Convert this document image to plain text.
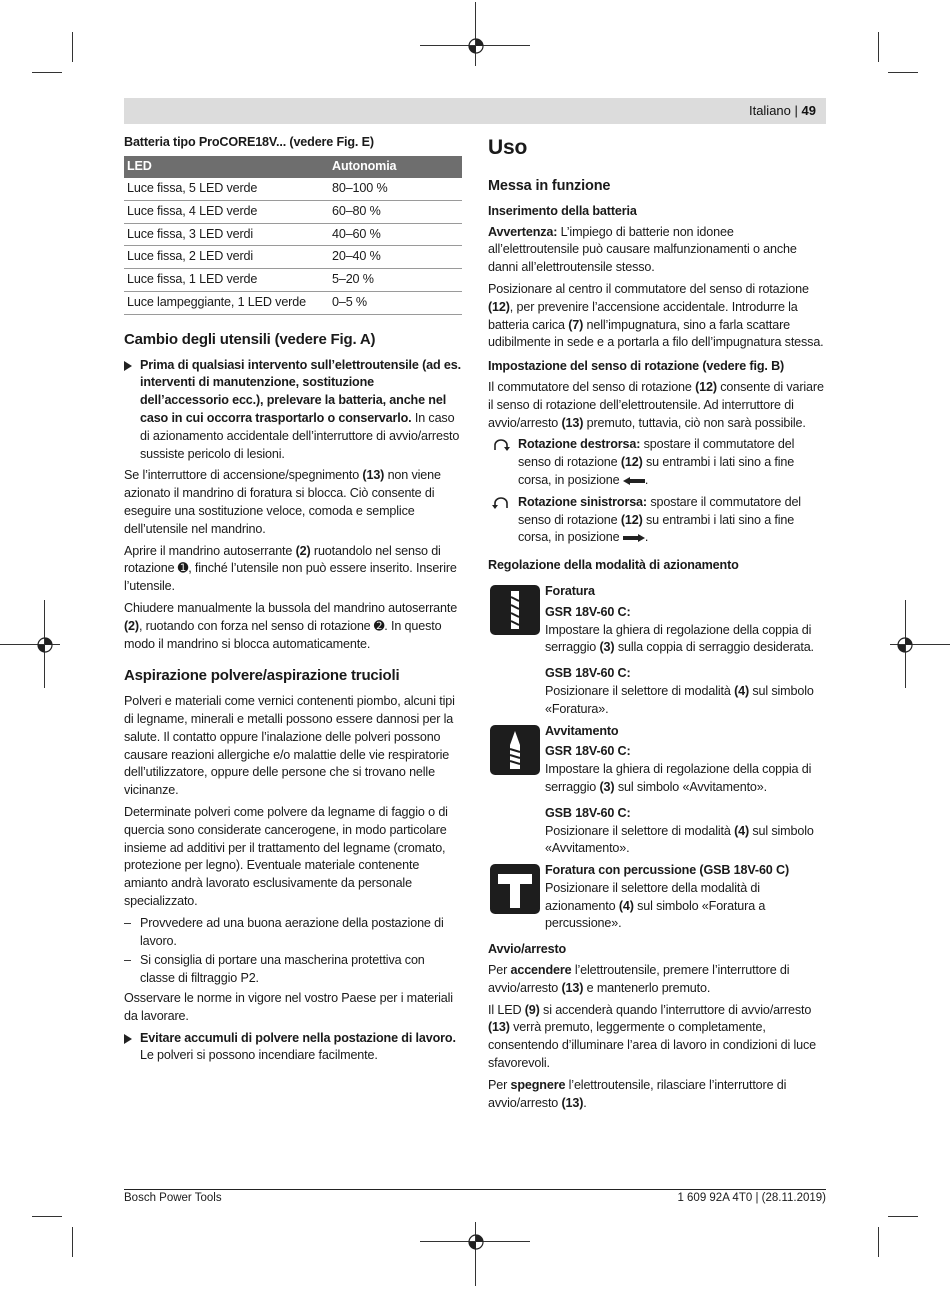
Italiano | 49
Batteria tipo ProCORE18V... (vedere Fig. E)
LED	Autonomia
Luce fissa, 5 LED verde	80–100 %
Luce fissa, 4 LED verde	60–80 %
Luce fissa, 3 LED verdi	40–60 %
Luce fissa, 2 LED verdi	20–40 %
Luce fissa, 1 LED verde	5–20 %
Luce lampeggiante, 1 LED verde	0–5 %
Cambio degli utensili (vedere Fig. A)
Prima di qualsiasi intervento sull’elettroutensile (ad es. interventi di manutenzione, sostituzione dell’accessorio ecc.), prelevare la batteria, anche nel caso in cui occorra trasportarlo o conservarlo. In caso di azionamento accidentale dell’interruttore di avvio/arresto sussiste pericolo di lesioni.

Se l’interruttore di accensione/spegnimento (13) non viene azionato il mandrino di foratura si blocca. Ciò consente di eseguire una sostituzione veloce, comoda e semplice dell’utensile nel mandrino.

Aprire il mandrino autoserrante (2) ruotandolo nel senso di rotazione ➊, finché l’utensile non può essere inserito. Inserire l’utensile.

Chiudere manualmente la bussola del mandrino autoserrante (2), ruotando con forza nel senso di rotazione ➋. In questo modo il mandrino si blocca automaticamente.

Aspirazione polvere/aspirazione trucioli

Polveri e materiali come vernici contenenti piombo, alcuni tipi di legname, minerali e metalli possono essere dannosi per la salute. Il contatto oppure l’inalazione delle polveri possono causare reazioni allergiche e/o malattie delle vie respiratorie dell’utilizzatore, oppure delle persone che si trovano nelle vicinanze.

Determinate polveri come polvere da legname di faggio o di quercia sono considerate cancerogene, in modo particolare insieme ad additivi per il trattamento del legname (cromato, protezione per legno). Eventuale materiale contenente amianto andrà lavorato esclusivamente da personale specializzato.

– Provvedere ad una buona aerazione della postazione di lavoro.
– Si consiglia di portare una mascherina protettiva con classe di filtraggio P2.

Osservare le norme in vigore nel vostro Paese per i materiali da lavorare.

Evitare accumuli di polvere nella postazione di lavoro. Le polveri si possono incendiare facilmente.
Uso
Messa in funzione
Inserimento della batteria

Avvertenza: L’impiego di batterie non idonee all’elettroutensile può causare malfunzionamenti o anche danni all’elettroutensile stesso.

Posizionare al centro il commutatore del senso di rotazione (12), per prevenire l’accensione accidentale. Introdurre la batteria carica (7) nell’impugnatura, sino a farla scattare udibilmente in sede e a portarla a filo dell’impugnatura stessa.

Impostazione del senso di rotazione (vedere fig. B)

Il commutatore del senso di rotazione (12) consente di variare il senso di rotazione dell’elettroutensile. Ad interruttore di avvio/arresto (13) premuto, tuttavia, ciò non sarà possibile.

Rotazione destrorsa: spostare il commutatore del senso di rotazione (12) su entrambi i lati sino a fine corsa, in posizione .
Rotazione sinistrorsa: spostare il commutatore del senso di rotazione (12) su entrambi i lati sino a fine corsa, in posizione .
Regolazione della modalità di azionamento
Foratura
GSR 18V-60 C:

Impostare la ghiera di regolazione della coppia di serraggio (3) sulla coppia di serraggio desiderata.

GSB 18V-60 C:

Posizionare il selettore di modalità (4) sul simbolo «Foratura».

Avvitamento
GSR 18V-60 C:

Impostare la ghiera di regolazione della coppia di serraggio (3) sul simbolo «Avvitamento».

GSB 18V-60 C:

Posizionare il selettore di modalità (4) sul simbolo «Avvitamento».

Foratura con percussione (GSB 18V-60 C)

Posizionare il selettore della modalità di azionamento (4) sul simbolo «Foratura a percussione».

Avvio/arresto

Per accendere l’elettroutensile, premere l’interruttore di avvio/arresto (13) e mantenerlo premuto.

Il LED (9) si accenderà quando l’interruttore di avvio/arresto (13) verrà premuto, leggermente o completamente, consentendo d’illuminare l’area di lavoro in condizioni di luce sfavorevoli.

Per spegnere l’elettroutensile, rilasciare l’interruttore di avvio/arresto (13).

Bosch Power Tools	1 609 92A 4T0 | (28.11.2019)
